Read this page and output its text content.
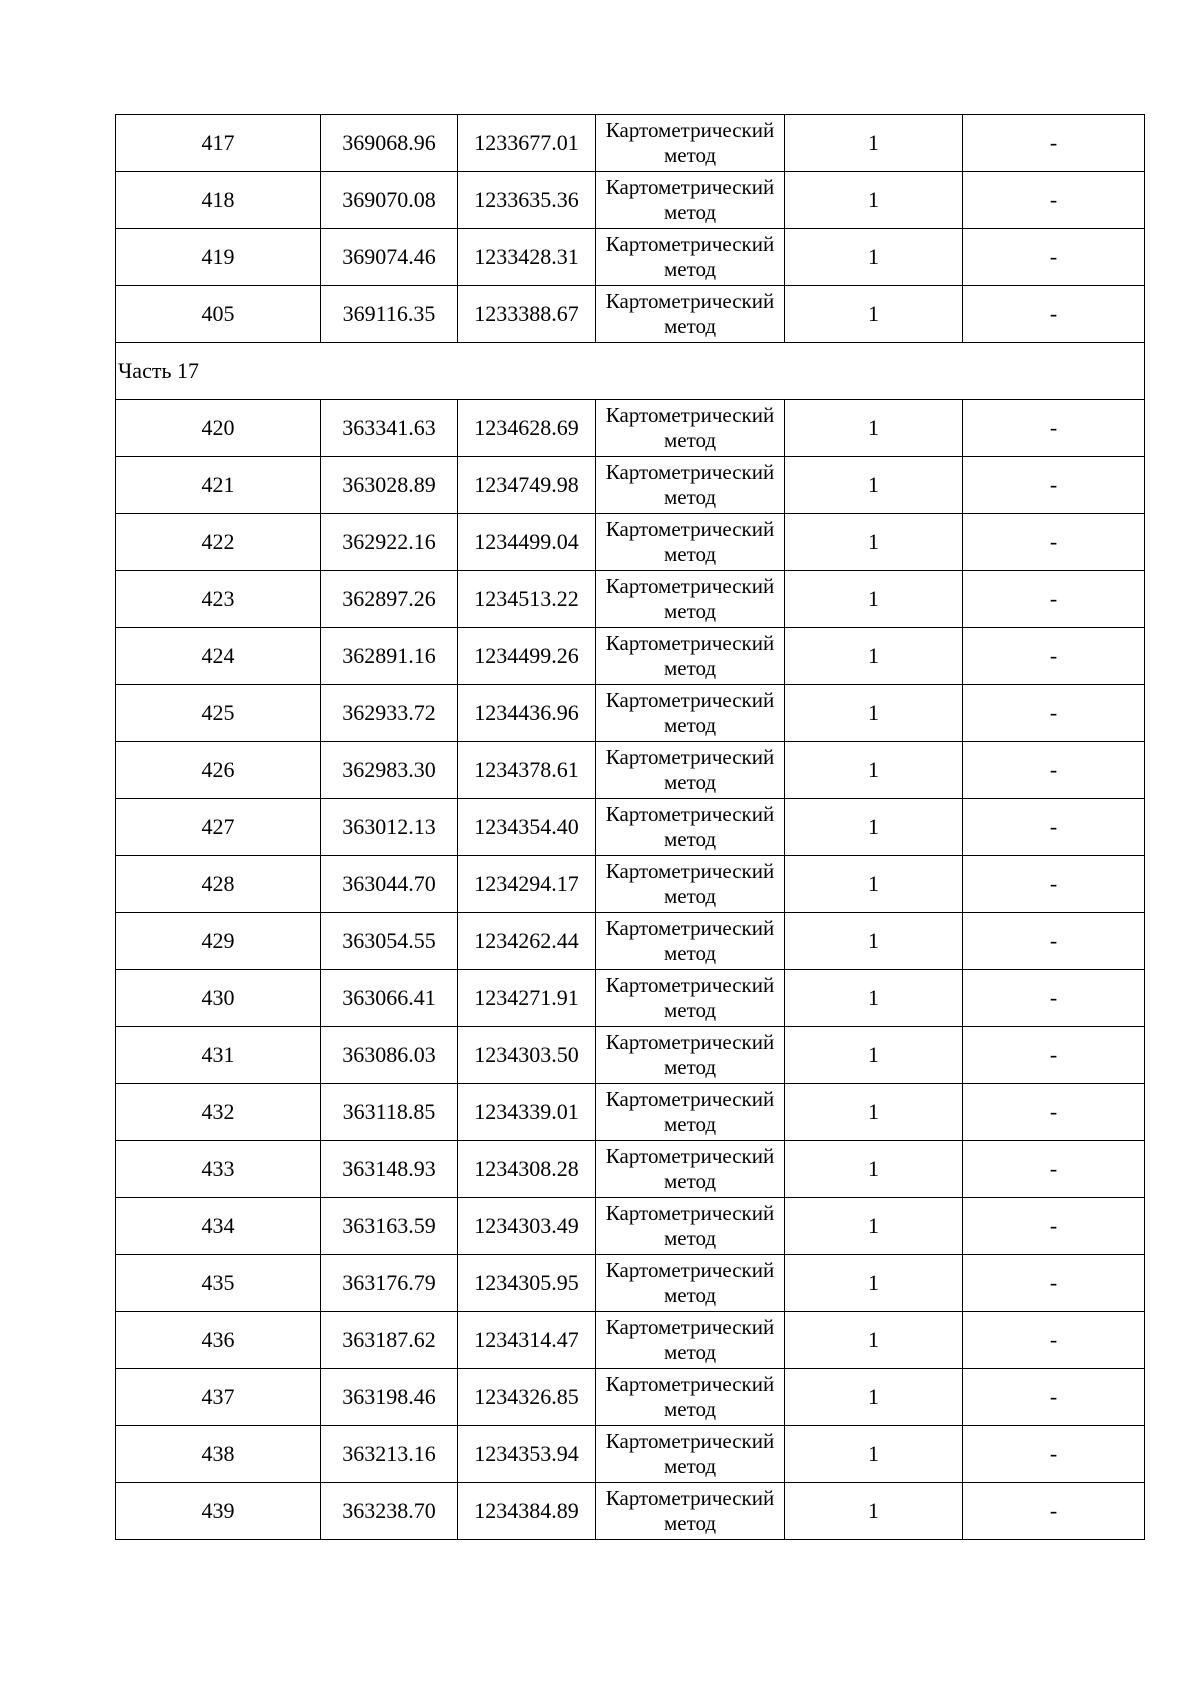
417	369068.96	1233677.01	Картометрический метод	1	-
418	369070.08	1233635.36	Картометрический метод	1	-
419	369074.46	1233428.31	Картометрический метод	1	-
405	369116.35	1233388.67	Картометрический метод	1	-
Часть 17					
420	363341.63	1234628.69	Картометрический метод	1	-
421	363028.89	1234749.98	Картометрический метод	1	-
422	362922.16	1234499.04	Картометрический метод	1	-
423	362897.26	1234513.22	Картометрический метод	1	-
424	362891.16	1234499.26	Картометрический метод	1	-
425	362933.72	1234436.96	Картометрический метод	1	-
426	362983.30	1234378.61	Картометрический метод	1	-
427	363012.13	1234354.40	Картометрический метод	1	-
428	363044.70	1234294.17	Картометрический метод	1	-
429	363054.55	1234262.44	Картометрический метод	1	-
430	363066.41	1234271.91	Картометрический метод	1	-
431	363086.03	1234303.50	Картометрический метод	1	-
432	363118.85	1234339.01	Картометрический метод	1	-
433	363148.93	1234308.28	Картометрический метод	1	-
434	363163.59	1234303.49	Картометрический метод	1	-
435	363176.79	1234305.95	Картометрический метод	1	-
436	363187.62	1234314.47	Картометрический метод	1	-
437	363198.46	1234326.85	Картометрический метод	1	-
438	363213.16	1234353.94	Картометрический метод	1	-
439	363238.70	1234384.89	Картометрический метод	1	-
